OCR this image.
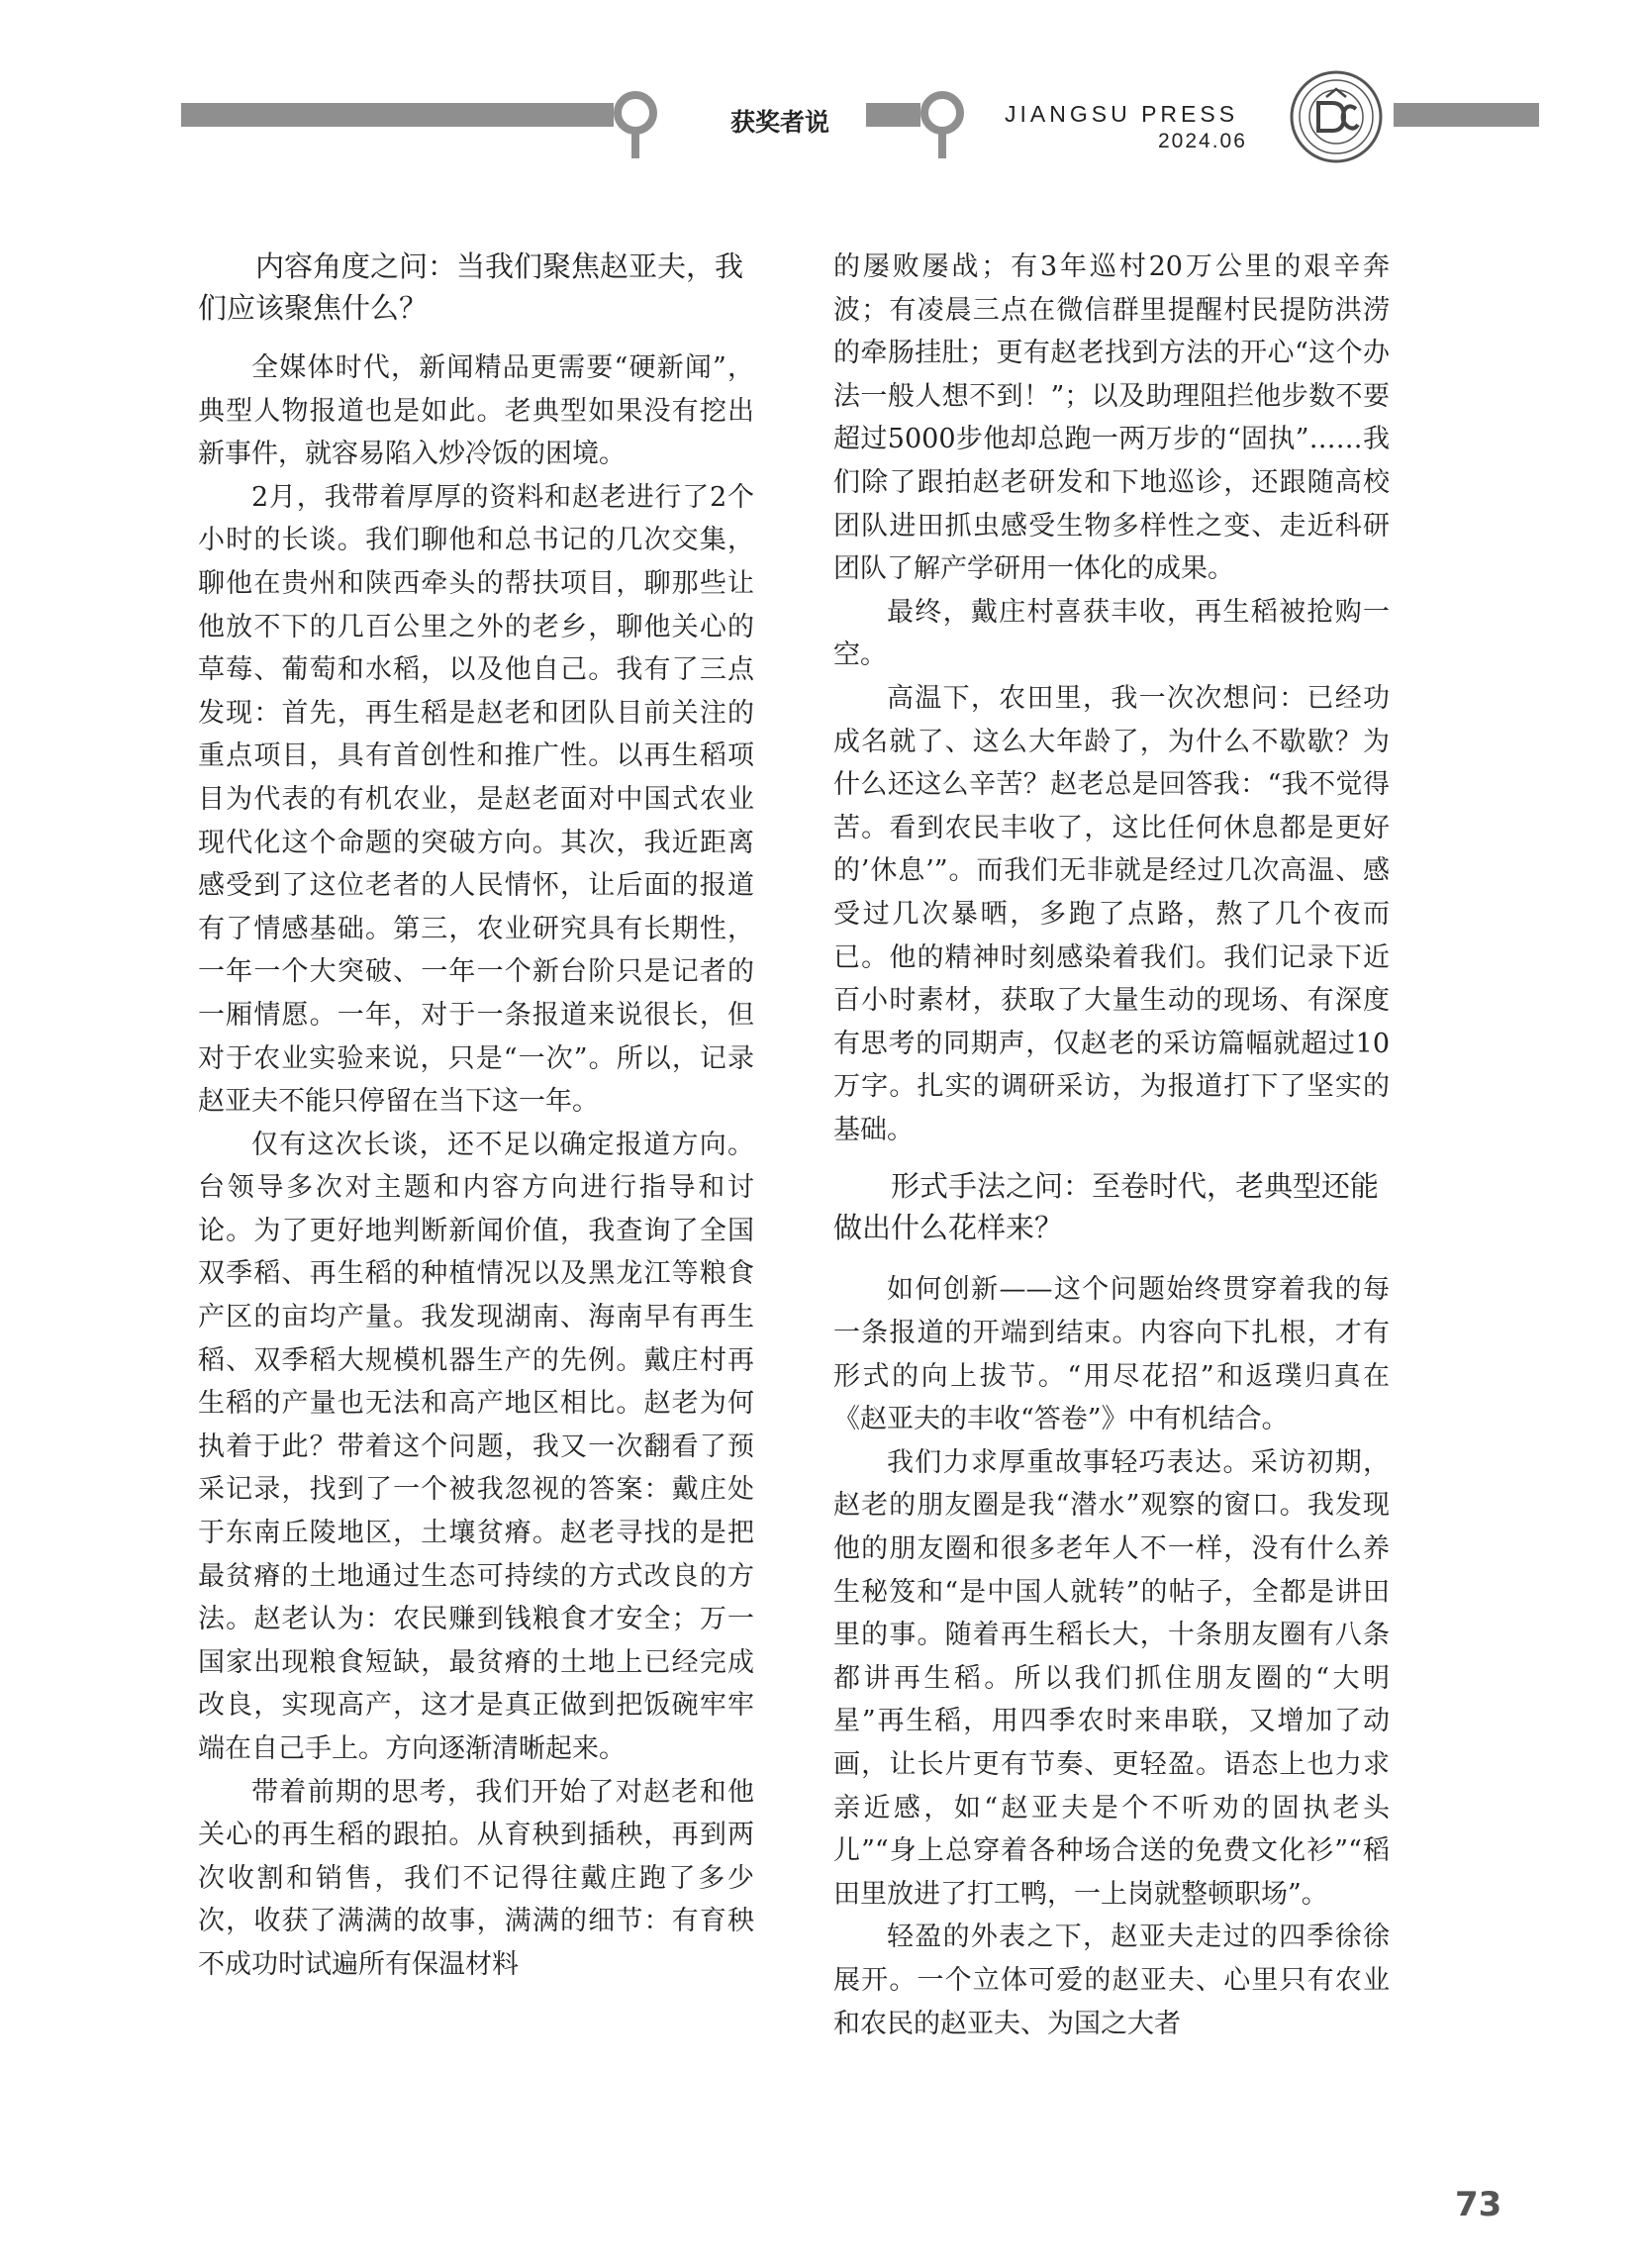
获奖者说	JIANGSU PRESS
2024.06
内容角度之问：当我们聚焦赵亚夫，我们应该聚焦什么？

全媒体时代，新闻精品更需要“硬新闻”，典型人物报道也是如此。老典型如果没有挖出新事件，就容易陷入炒冷饭的困境。

2月，我带着厚厚的资料和赵老进行了2个小时的长谈。我们聊他和总书记的几次交集，聊他在贵州和陕西牵头的帮扶项目，聊那些让他放不下的几百公里之外的老乡，聊他关心的草莓、葡萄和水稻，以及他自己。我有了三点发现：首先，再生稻是赵老和团队目前关注的重点项目，具有首创性和推广性。以再生稻项目为代表的有机农业，是赵老面对中国式农业现代化这个命题的突破方向。其次，我近距离感受到了这位老者的人民情怀，让后面的报道有了情感基础。第三，农业研究具有长期性，一年一个大突破、一年一个新台阶只是记者的一厢情愿。一年，对于一条报道来说很长，但对于农业实验来说，只是“一次”。所以，记录赵亚夫不能只停留在当下这一年。

仅有这次长谈，还不足以确定报道方向。台领导多次对主题和内容方向进行指导和讨论。为了更好地判断新闻价值，我查询了全国双季稻、再生稻的种植情况以及黑龙江等粮食产区的亩均产量。我发现湖南、海南早有再生稻、双季稻大规模机器生产的先例。戴庄村再生稻的产量也无法和高产地区相比。赵老为何执着于此？带着这个问题，我又一次翻看了预采记录，找到了一个被我忽视的答案：戴庄处于东南丘陵地区，土壤贫瘠。赵老寻找的是把最贫瘠的土地通过生态可持续的方式改良的方法。赵老认为：农民赚到钱粮食才安全；万一国家出现粮食短缺，最贫瘠的土地上已经完成改良，实现高产，这才是真正做到把饭碗牢牢端在自己手上。方向逐渐清晰起来。

带着前期的思考，我们开始了对赵老和他关心的再生稻的跟拍。从育秧到插秧，再到两次收割和销售，我们不记得往戴庄跑了多少次，收获了满满的故事，满满的细节：有育秧不成功时试遍所有保温材料

的屡败屡战；有3年巡村20万公里的艰辛奔波；有凌晨三点在微信群里提醒村民提防洪涝的牵肠挂肚；更有赵老找到方法的开心“这个办法一般人想不到！”；以及助理阻拦他步数不要超过5000步他却总跑一两万步的“固执”……我们除了跟拍赵老研发和下地巡诊，还跟随高校团队进田抓虫感受生物多样性之变、走近科研团队了解产学研用一体化的成果。

最终，戴庄村喜获丰收，再生稻被抢购一空。

高温下，农田里，我一次次想问：已经功成名就了、这么大年龄了，为什么不歇歇？为什么还这么辛苦？赵老总是回答我：“我不觉得苦。看到农民丰收了，这比任何休息都是更好的’休息’”。而我们无非就是经过几次高温、感受过几次暴晒，多跑了点路，熬了几个夜而已。他的精神时刻感染着我们。我们记录下近百小时素材，获取了大量生动的现场、有深度有思考的同期声，仅赵老的采访篇幅就超过10万字。扎实的调研采访，为报道打下了坚实的基础。

形式手法之问：至卷时代，老典型还能做出什么花样来？

如何创新——这个问题始终贯穿着我的每一条报道的开端到结束。内容向下扎根，才有形式的向上拔节。“用尽花招”和返璞归真在《赵亚夫的丰收“答卷”》中有机结合。

我们力求厚重故事轻巧表达。采访初期，赵老的朋友圈是我“潜水”观察的窗口。我发现他的朋友圈和很多老年人不一样，没有什么养生秘笈和“是中国人就转”的帖子，全都是讲田里的事。随着再生稻长大，十条朋友圈有八条都讲再生稻。所以我们抓住朋友圈的“大明星”再生稻，用四季农时来串联，又增加了动画，让长片更有节奏、更轻盈。语态上也力求亲近感，如“赵亚夫是个不听劝的固执老头儿”“身上总穿着各种场合送的免费文化衫”“稻田里放进了打工鸭，一上岗就整顿职场”。

轻盈的外表之下，赵亚夫走过的四季徐徐展开。一个立体可爱的赵亚夫、心里只有农业和农民的赵亚夫、为国之大者

73
